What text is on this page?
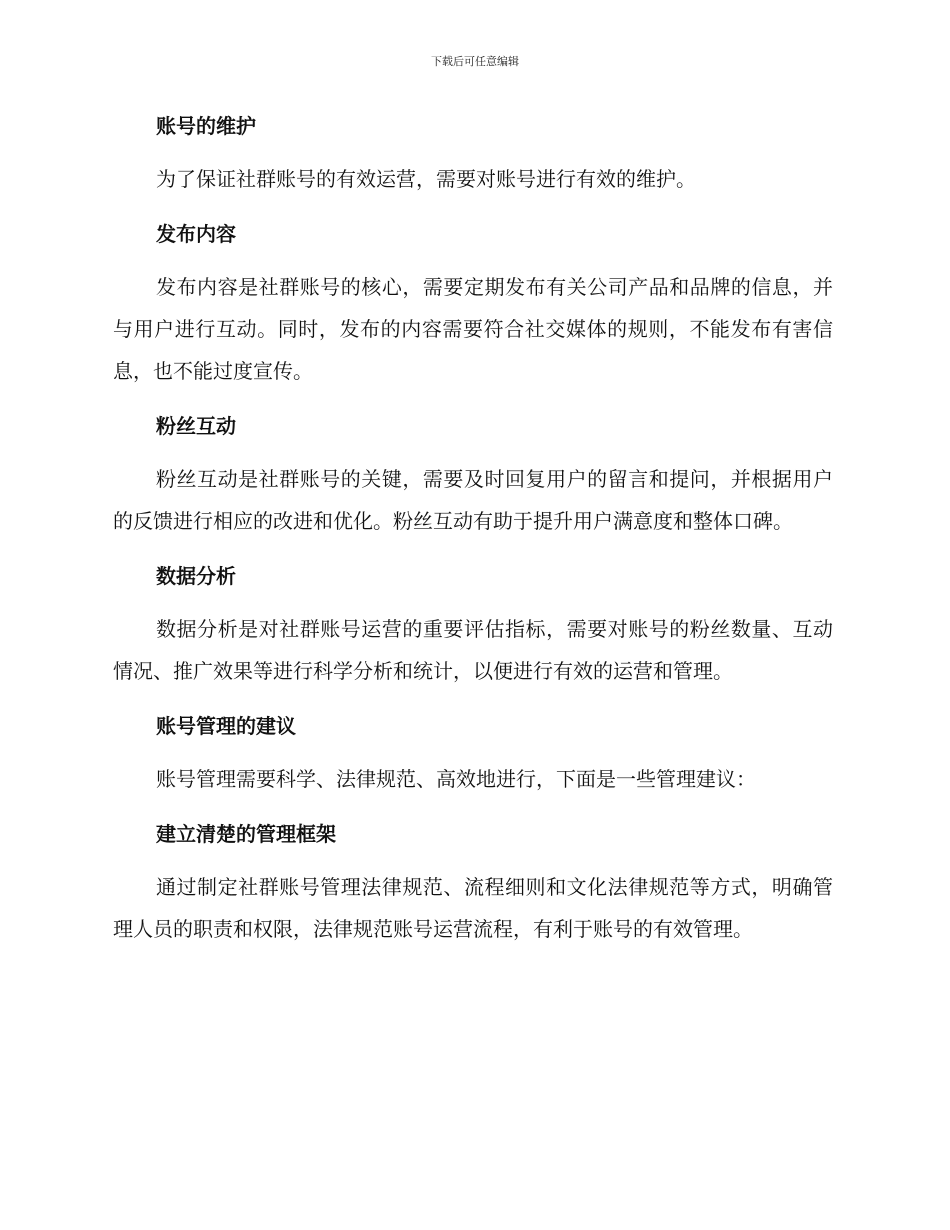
下载后可任意编辑
账号的维护

为了保证社群账号的有效运营，需要对账号进行有效的维护。

发布内容

发布内容是社群账号的核心，需要定期发布有关公司产品和品牌的信息，并与用户进行互动。同时，发布的内容需要符合社交媒体的规则，不能发布有害信息，也不能过度宣传。

粉丝互动

粉丝互动是社群账号的关键，需要及时回复用户的留言和提问，并根据用户的反馈进行相应的改进和优化。粉丝互动有助于提升用户满意度和整体口碑。

数据分析

数据分析是对社群账号运营的重要评估指标，需要对账号的粉丝数量、互动情况、推广效果等进行科学分析和统计，以便进行有效的运营和管理。

账号管理的建议

账号管理需要科学、法律规范、高效地进行，下面是一些管理建议：

建立清楚的管理框架

通过制定社群账号管理法律规范、流程细则和文化法律规范等方式，明确管理人员的职责和权限，法律规范账号运营流程，有利于账号的有效管理。
